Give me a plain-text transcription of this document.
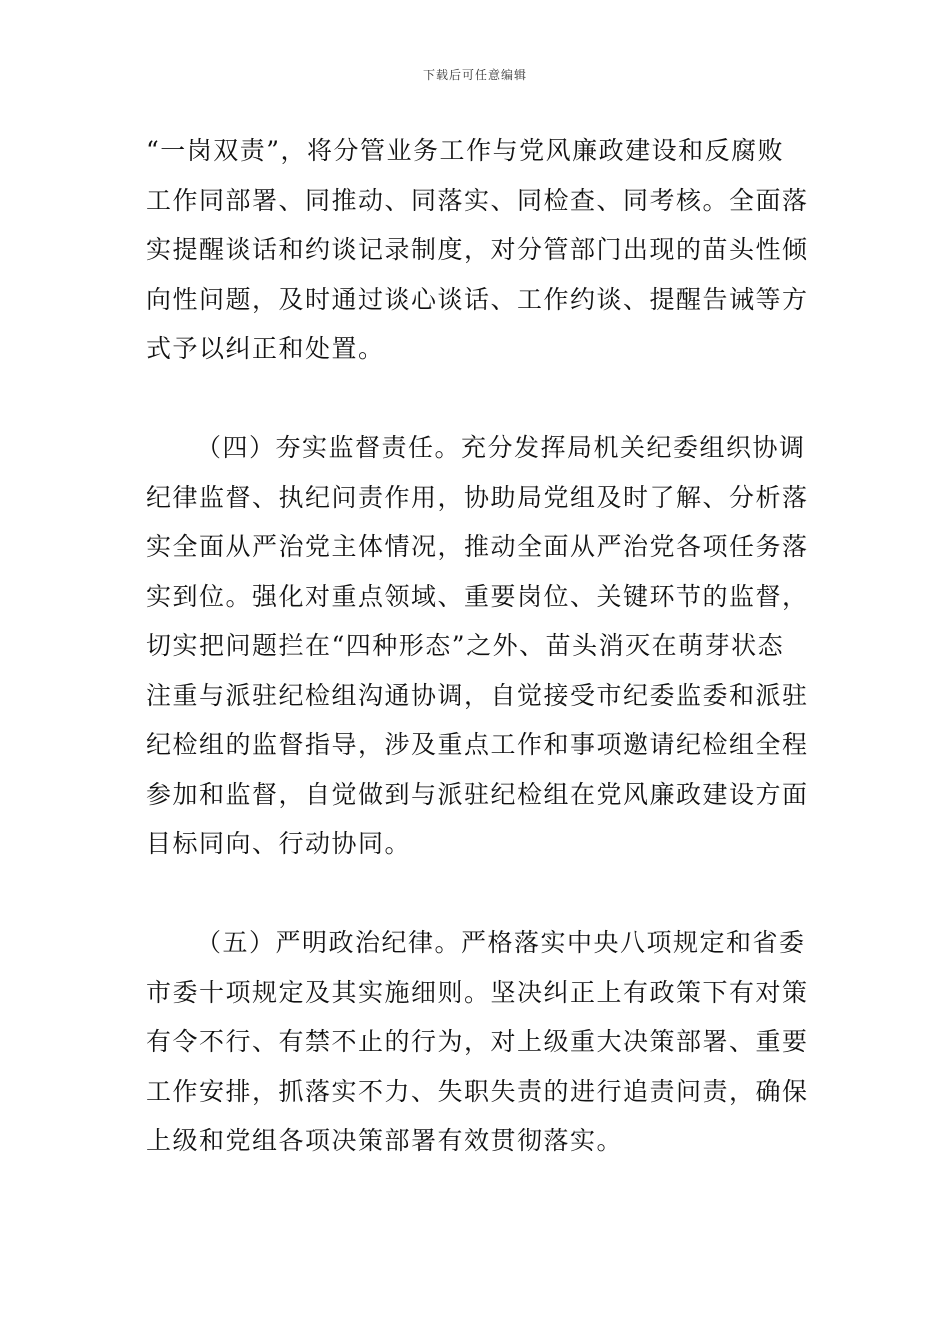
下载后可任意编辑
“一岗双责”，将分管业务工作与党风廉政建设和反腐败
工作同部署、同推动、同落实、同检查、同考核。全面落
实提醒谈话和约谈记录制度，对分管部门出现的苗头性倾
向性问题，及时通过谈心谈话、工作约谈、提醒告诫等方
式予以纠正和处置。
（四）夯实监督责任。充分发挥局机关纪委组织协调
纪律监督、执纪问责作用，协助局党组及时了解、分析落
实全面从严治党主体情况，推动全面从严治党各项任务落
实到位。强化对重点领域、重要岗位、关键环节的监督，
切实把问题拦在“四种形态”之外、苗头消灭在萌芽状态
注重与派驻纪检组沟通协调，自觉接受市纪委监委和派驻
纪检组的监督指导，涉及重点工作和事项邀请纪检组全程
参加和监督，自觉做到与派驻纪检组在党风廉政建设方面
目标同向、行动协同。
（五）严明政治纪律。严格落实中央八项规定和省委
市委十项规定及其实施细则。坚决纠正上有政策下有对策
有令不行、有禁不止的行为，对上级重大决策部署、重要
工作安排，抓落实不力、失职失责的进行追责问责，确保
上级和党组各项决策部署有效贯彻落实。
